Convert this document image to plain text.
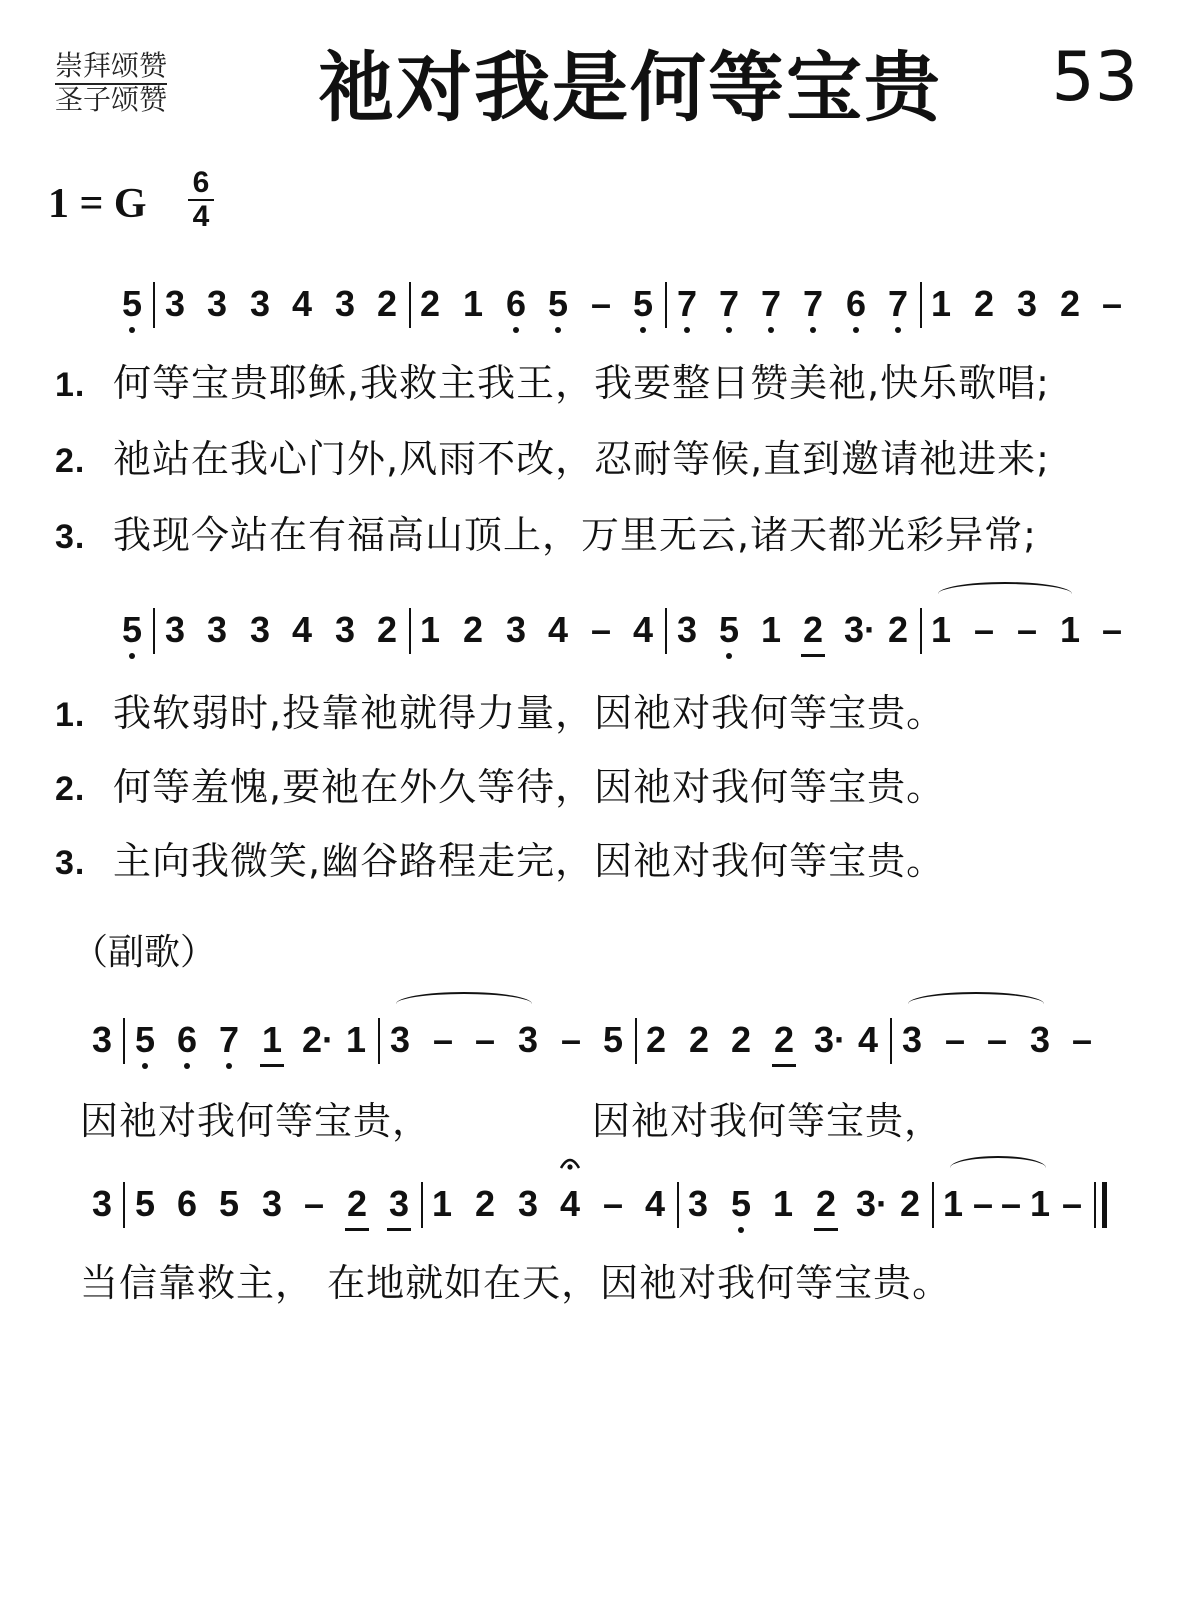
崇拜颂赞
圣子颂赞	祂对我是何等宝贵	53
1 = G 6
4
5 3 3 3 4 3 2 2 1 6 5 – 5 7 7 7 7 6 7 1 2 3 2 –
1. 何等宝贵耶稣,我救主我王，我要整日赞美祂,快乐歌唱;
2. 祂站在我心门外,风雨不改，忍耐等候,直到邀请祂进来;
3. 我现今站在有福高山顶上，万里无云,诸天都光彩异常;
5 3 3 3 4 3 2 1 2 3 4 – 4 3 5 1 2 3· 2 1 – – 1 –
1. 我软弱时,投靠祂就得力量，因祂对我何等宝贵。
2. 何等羞愧,要祂在外久等待，因祂对我何等宝贵。
3. 主向我微笑,幽谷路程走完，因祂对我何等宝贵。
（副歌）
3 5 6 7 1 2· 1 3 – – 3 – 5 2 2 2 2 3· 4 3 – – 3 –
因祂对我何等宝贵，	因祂对我何等宝贵，
3 5 6 5 3 – 2 3 1 2 3 4 – 4 3 5 1 2 3· 2 1 – – 1 –
当信靠救主， 在地就如在天，因祂对我何等宝贵。
